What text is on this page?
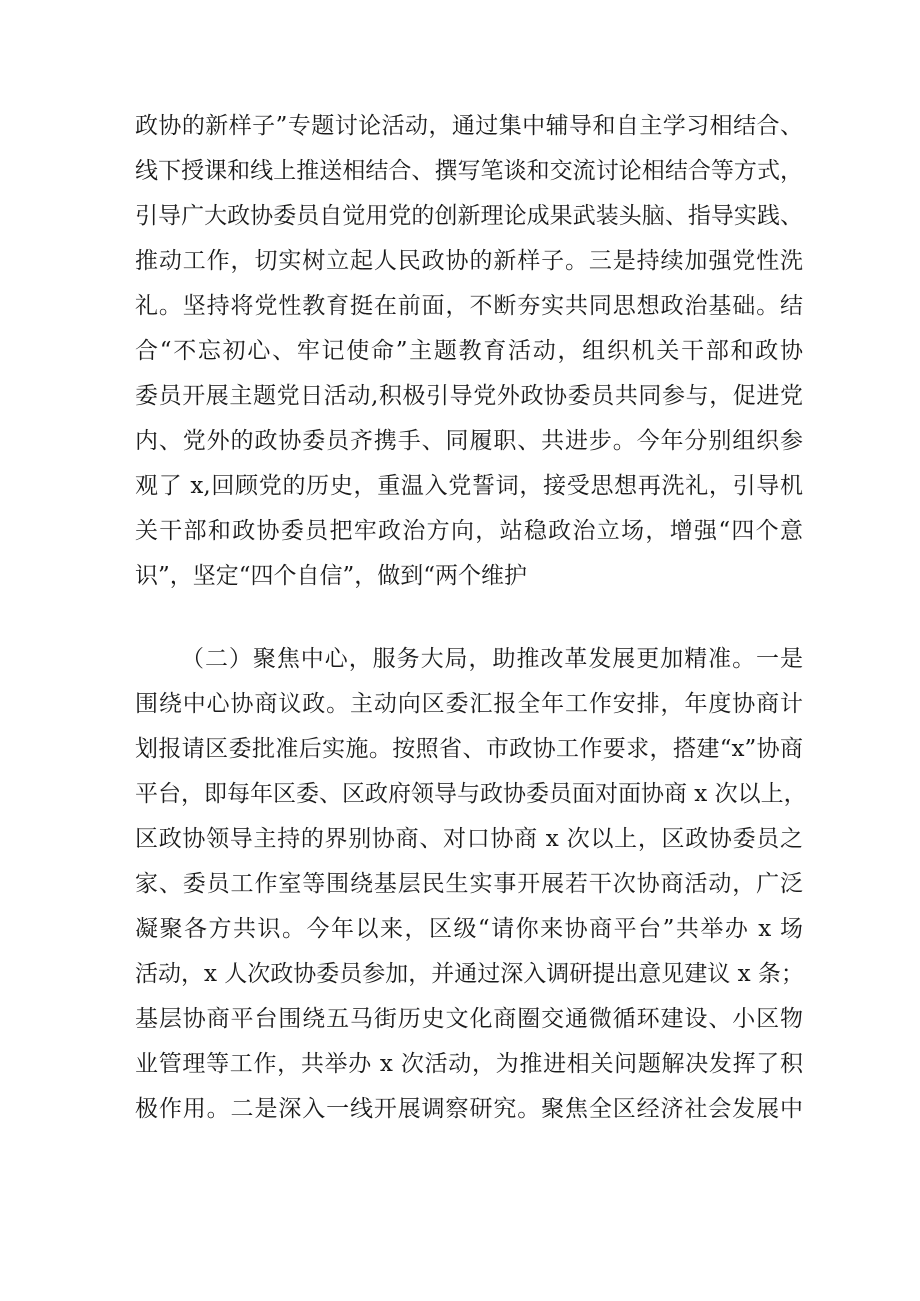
政协的新样子”专题讨论活动，通过集中辅导和自主学习相结合、

线下授课和线上推送相结合、撰写笔谈和交流讨论相结合等方式，

引导广大政协委员自觉用党的创新理论成果武装头脑、指导实践、

推动工作，切实树立起人民政协的新样子。三是持续加强党性洗

礼。坚持将党性教育挺在前面，不断夯实共同思想政治基础。结

合“不忘初心、牢记使命”主题教育活动，组织机关干部和政协

委员开展主题党日活动,积极引导党外政协委员共同参与，促进党

内、党外的政协委员齐携手、同履职、共进步。今年分别组织参

观了 x,回顾党的历史，重温入党誓词，接受思想再洗礼，引导机

关干部和政协委员把牢政治方向，站稳政治立场，增强“四个意

识”，坚定“四个自信”，做到“两个维护

（二）聚焦中心，服务大局，助推改革发展更加精准。一是

围绕中心协商议政。主动向区委汇报全年工作安排，年度协商计

划报请区委批准后实施。按照省、市政协工作要求，搭建“x”协商

平台，即每年区委、区政府领导与政协委员面对面协商 x 次以上，

区政协领导主持的界别协商、对口协商 x 次以上，区政协委员之

家、委员工作室等围绕基层民生实事开展若干次协商活动，广泛

凝聚各方共识。今年以来，区级“请你来协商平台”共举办 x 场

活动，x 人次政协委员参加，并通过深入调研提出意见建议 x 条；

基层协商平台围绕五马街历史文化商圈交通微循环建设、小区物

业管理等工作，共举办 x 次活动，为推进相关问题解决发挥了积

极作用。二是深入一线开展调察研究。聚焦全区经济社会发展中
